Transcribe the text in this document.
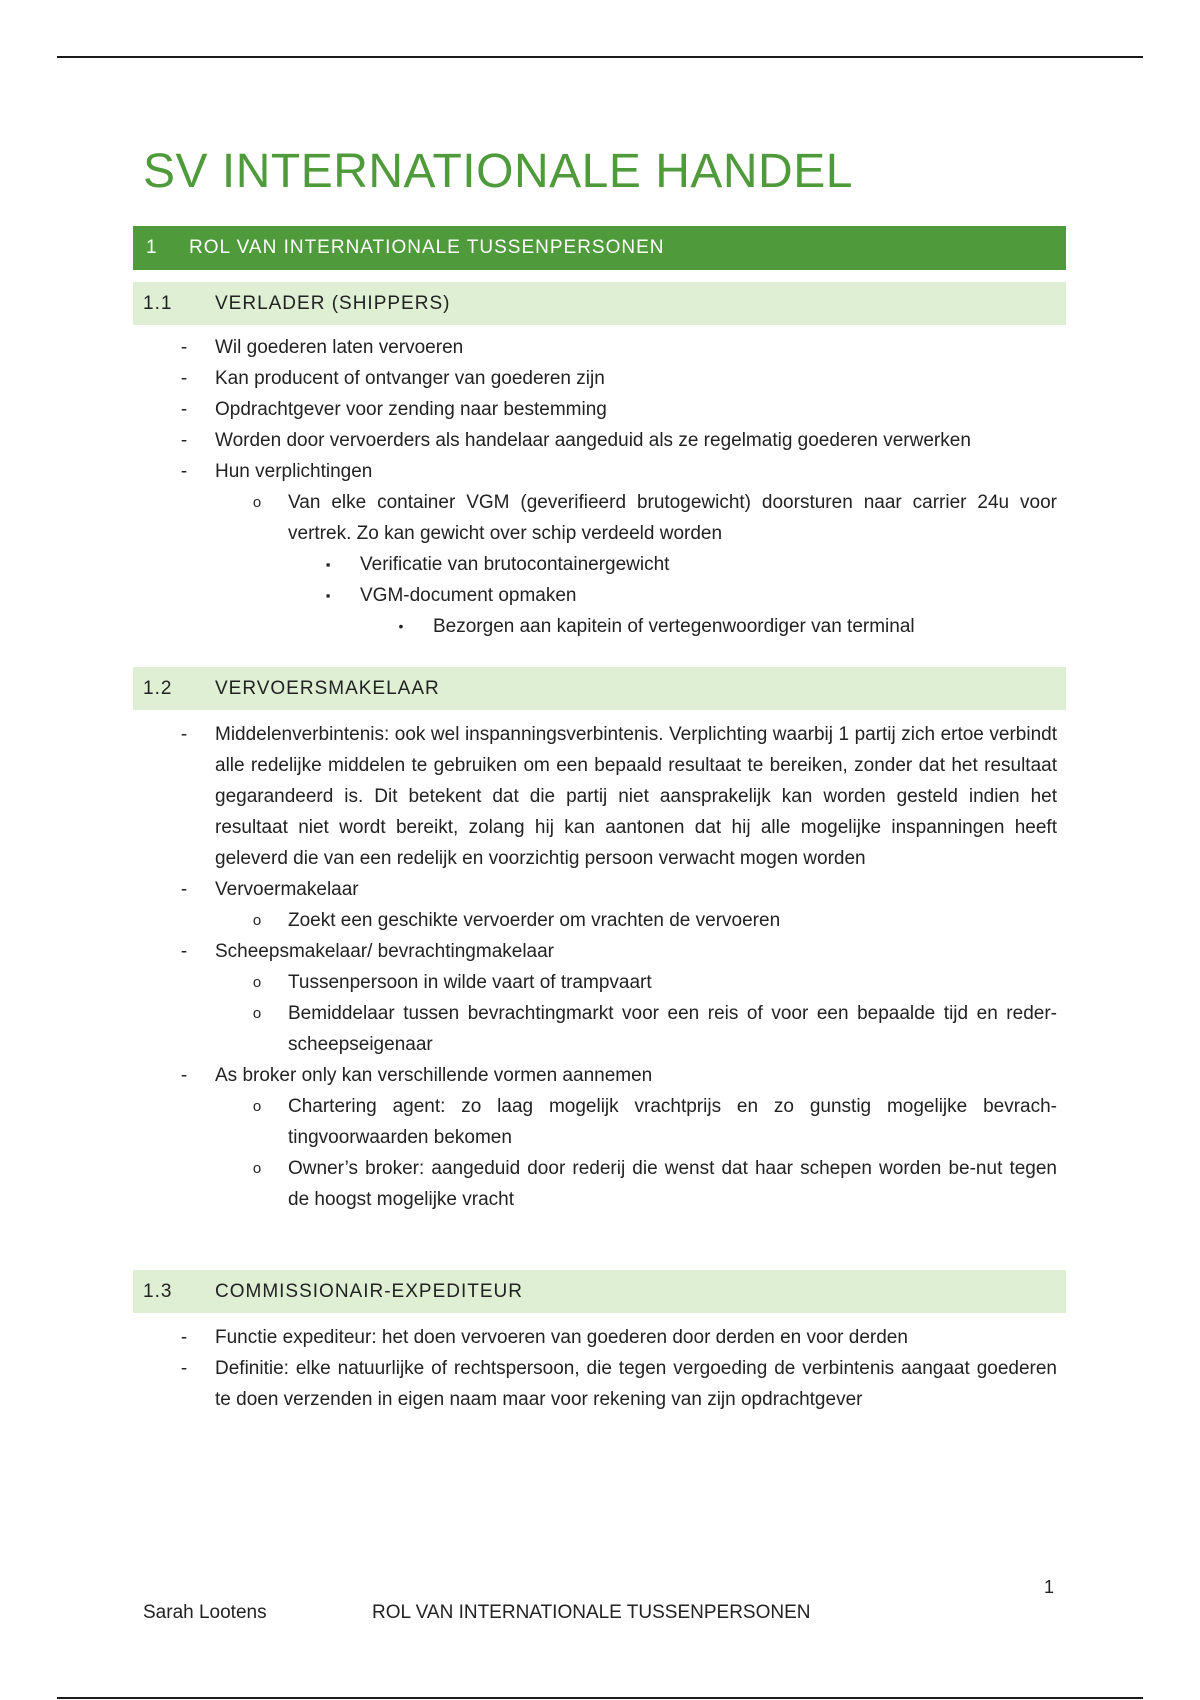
SV INTERNATIONALE HANDEL
1	ROL VAN INTERNATIONALE TUSSENPERSONEN
1.1	VERLADER (SHIPPERS)
-	Wil goederen laten vervoeren
-	Kan producent of ontvanger van goederen zijn
-	Opdrachtgever voor zending naar bestemming
-	Worden door vervoerders als handelaar aangeduid als ze regelmatig goederen verwerken
-	Hun verplichtingen
o	Van elke container VGM (geverifieerd brutogewicht) doorsturen naar carrier 24u voor vertrek. Zo kan gewicht over schip verdeeld worden
▪	Verificatie van brutocontainergewicht
▪	VGM-document opmaken
•	Bezorgen aan kapitein of vertegenwoordiger van terminal
1.2	VERVOERSMAKELAAR
-	Middelenverbintenis: ook wel inspanningsverbintenis. Verplichting waarbij 1 partij zich ertoe verbindt alle redelijke middelen te gebruiken om een bepaald resultaat te bereiken, zonder dat het resultaat gegarandeerd is. Dit betekent dat die partij niet aansprakelijk kan worden gesteld indien het resultaat niet wordt bereikt, zolang hij kan aantonen dat hij alle mogelijke inspanningen heeft geleverd die van een redelijk en voorzichtig persoon verwacht mogen worden
-	Vervoermakelaar
o	Zoekt een geschikte vervoerder om vrachten de vervoeren
-	Scheepsmakelaar/ bevrachtingmakelaar
o	Tussenpersoon in wilde vaart of trampvaart
o	Bemiddelaar tussen bevrachtingmarkt voor een reis of voor een bepaalde tijd en reder-scheepseigenaar
-	As broker only kan verschillende vormen aannemen
o	Chartering agent: zo laag mogelijk vrachtprijs en zo gunstig mogelijke bevrach-tingvoorwaarden bekomen
o	Owner’s broker: aangeduid door rederij die wenst dat haar schepen worden be-nut tegen de hoogst mogelijke vracht
1.3	COMMISSIONAIR-EXPEDITEUR
-	Functie expediteur: het doen vervoeren van goederen door derden en voor derden
-	Definitie: elke natuurlijke of rechtspersoon, die tegen vergoeding de verbintenis aangaat goederen te doen verzenden in eigen naam maar voor rekening van zijn opdrachtgever
1
Sarah Lootens	ROL VAN INTERNATIONALE TUSSENPERSONEN
